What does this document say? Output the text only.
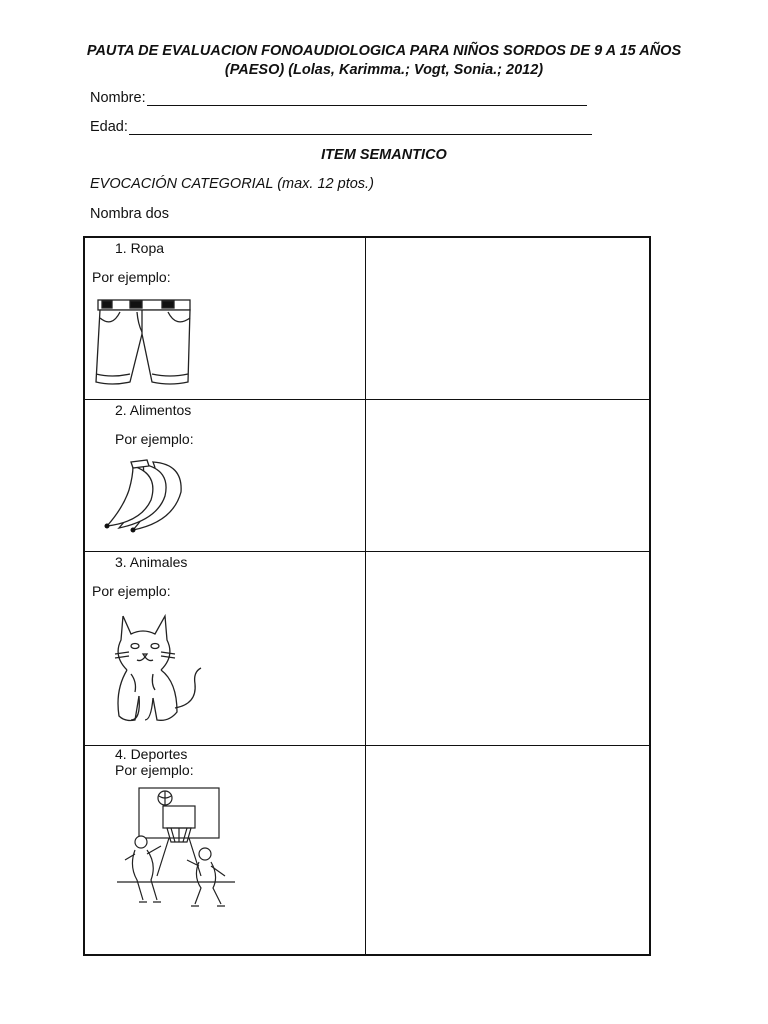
PAUTA DE EVALUACION FONOAUDIOLOGICA PARA NIÑOS SORDOS DE 9 A 15 AÑOS
(PAESO) (Lolas, Karimma.; Vogt, Sonia.; 2012)
Nombre:
Edad:
ITEM SEMANTICO
EVOCACIÓN CATEGORIAL (max. 12 ptos.)
Nombra dos
1. Ropa
Por ejemplo:
2. Alimentos
Por ejemplo:
3. Animales
Por ejemplo:
4. Deportes
Por ejemplo:
